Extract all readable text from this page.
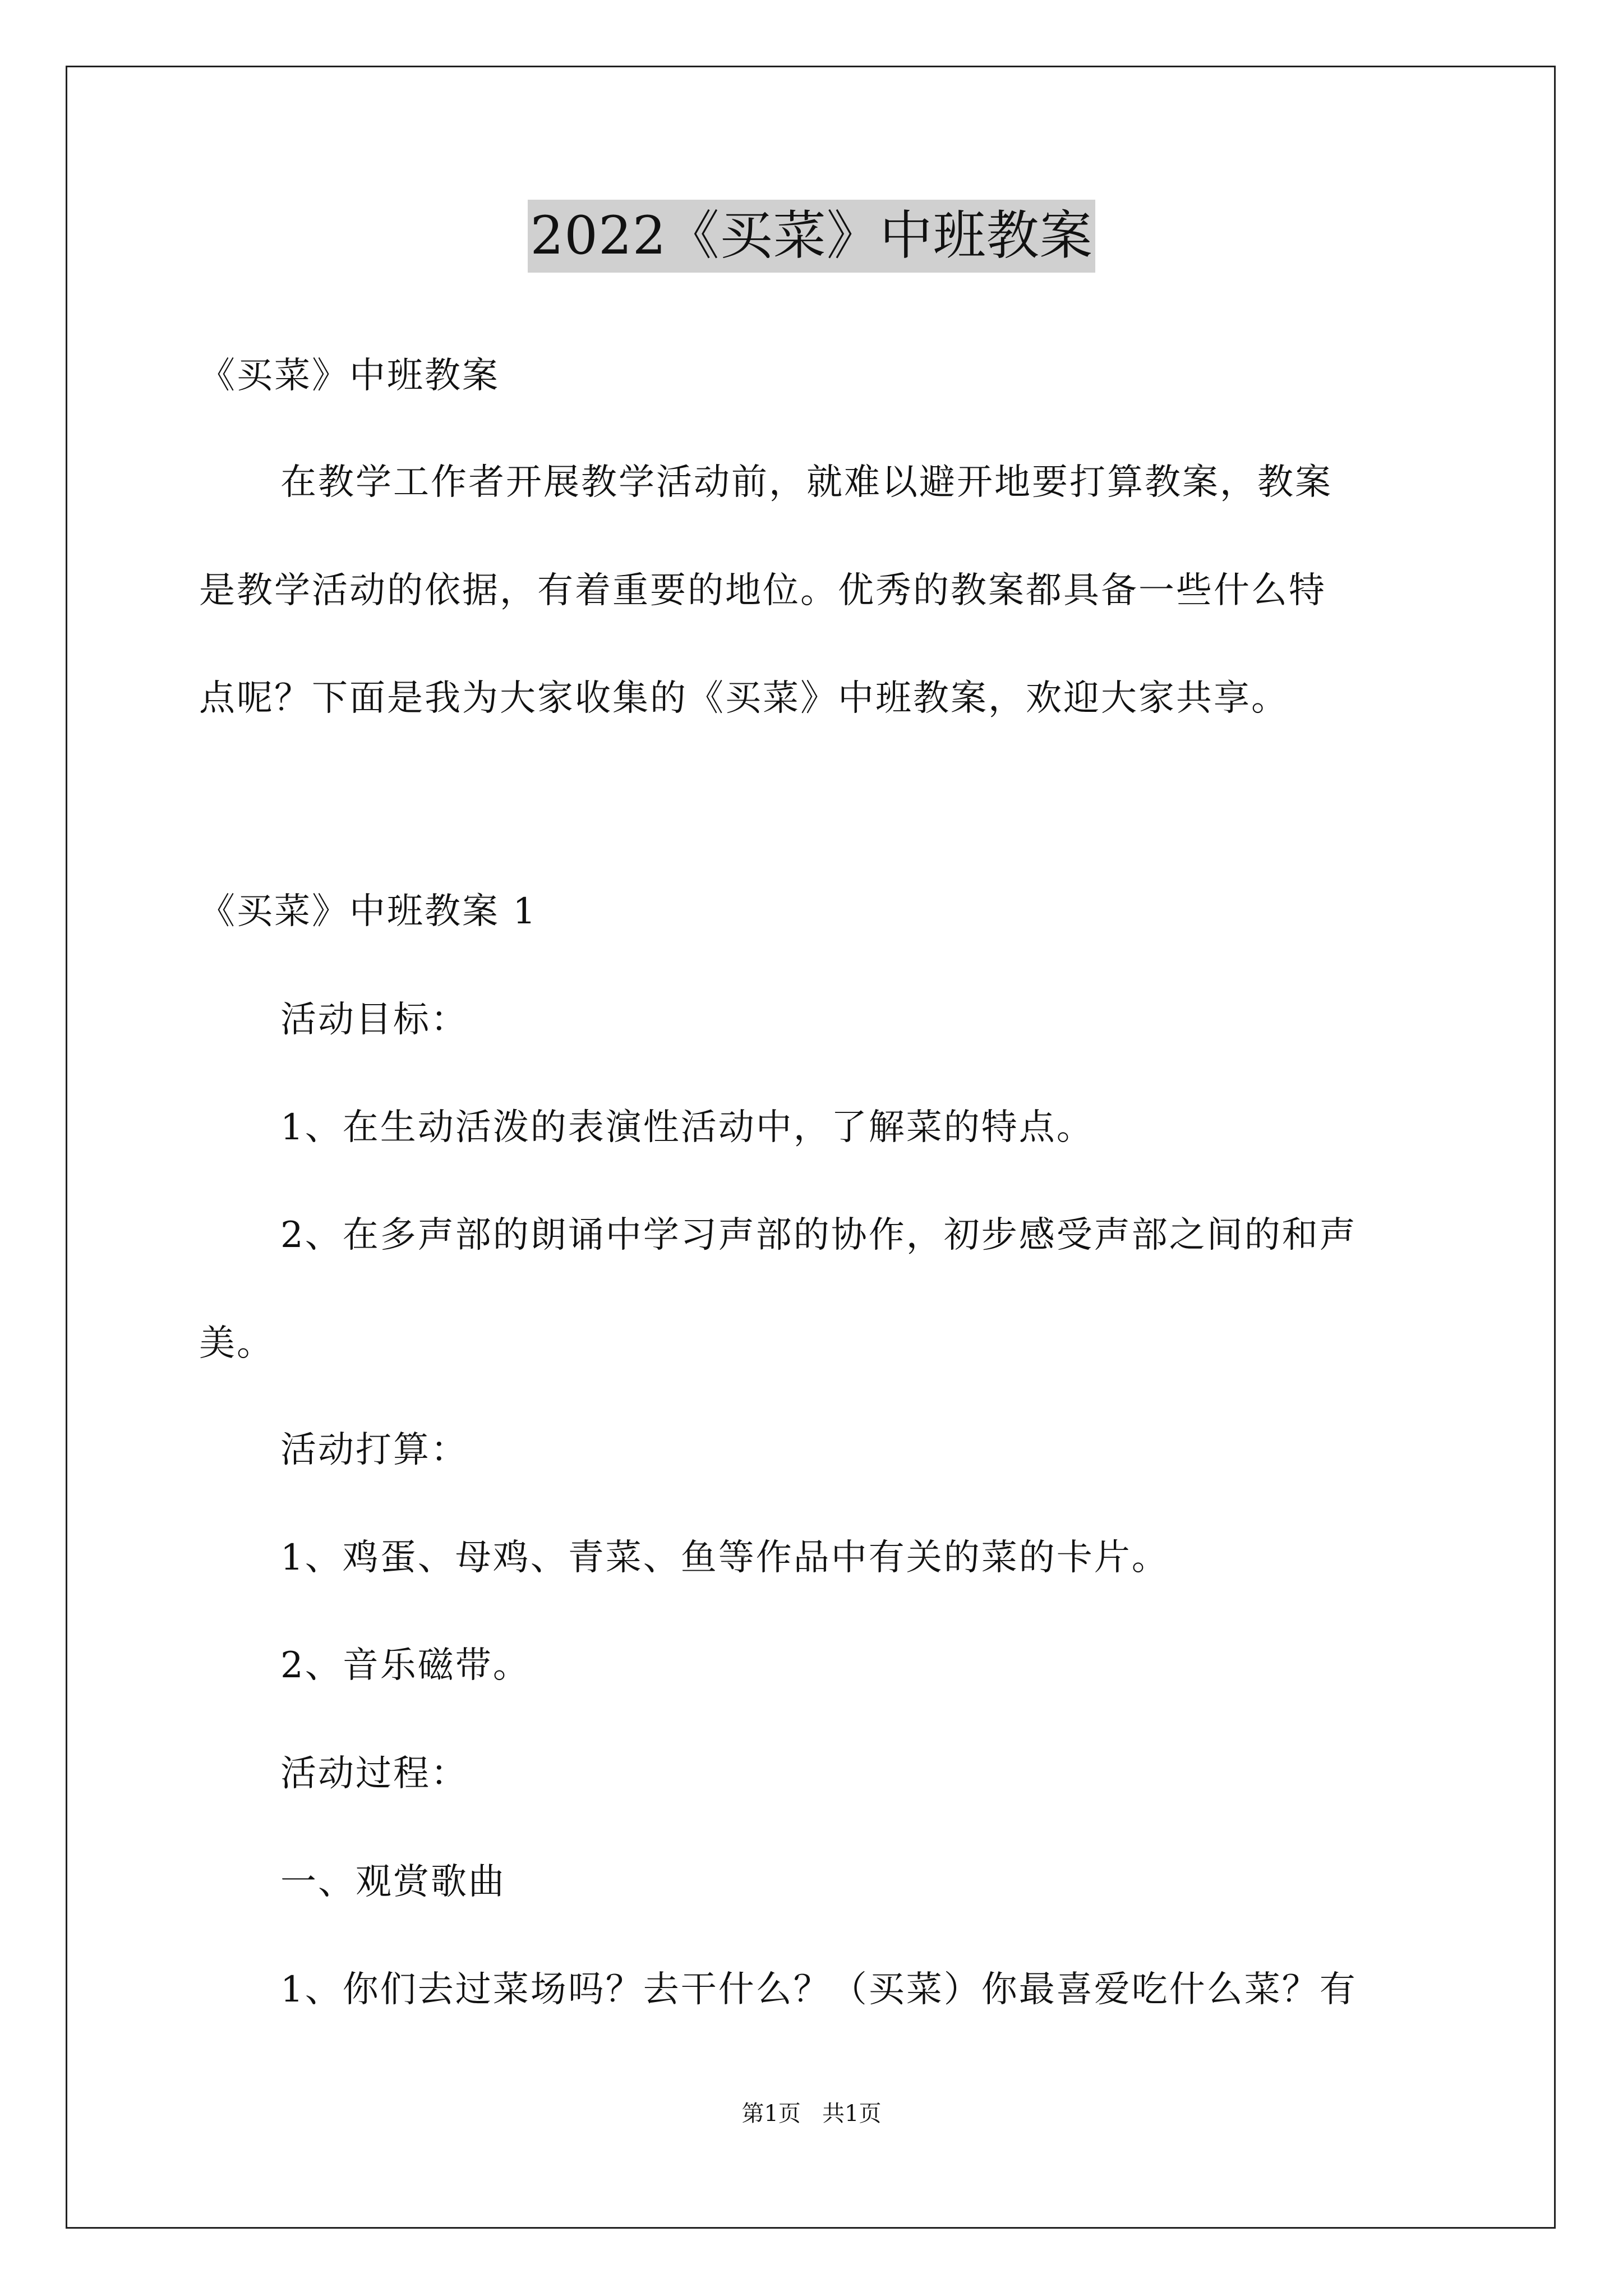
2022《买菜》中班教案
《买菜》中班教案
在教学工作者开展教学活动前，就难以避开地要打算教案，教案
是教学活动的依据，有着重要的地位。优秀的教案都具备一些什么特
点呢？下面是我为大家收集的《买菜》中班教案，欢迎大家共享。
《买菜》中班教案 1
活动目标：
1、在生动活泼的表演性活动中，了解菜的特点。
2、在多声部的朗诵中学习声部的协作，初步感受声部之间的和声
美。
活动打算：
1、鸡蛋、母鸡、青菜、鱼等作品中有关的菜的卡片。
2、音乐磁带。
活动过程：
一、观赏歌曲
1、你们去过菜场吗？去干什么？（买菜）你最喜爱吃什么菜？有
第1页   共1页
